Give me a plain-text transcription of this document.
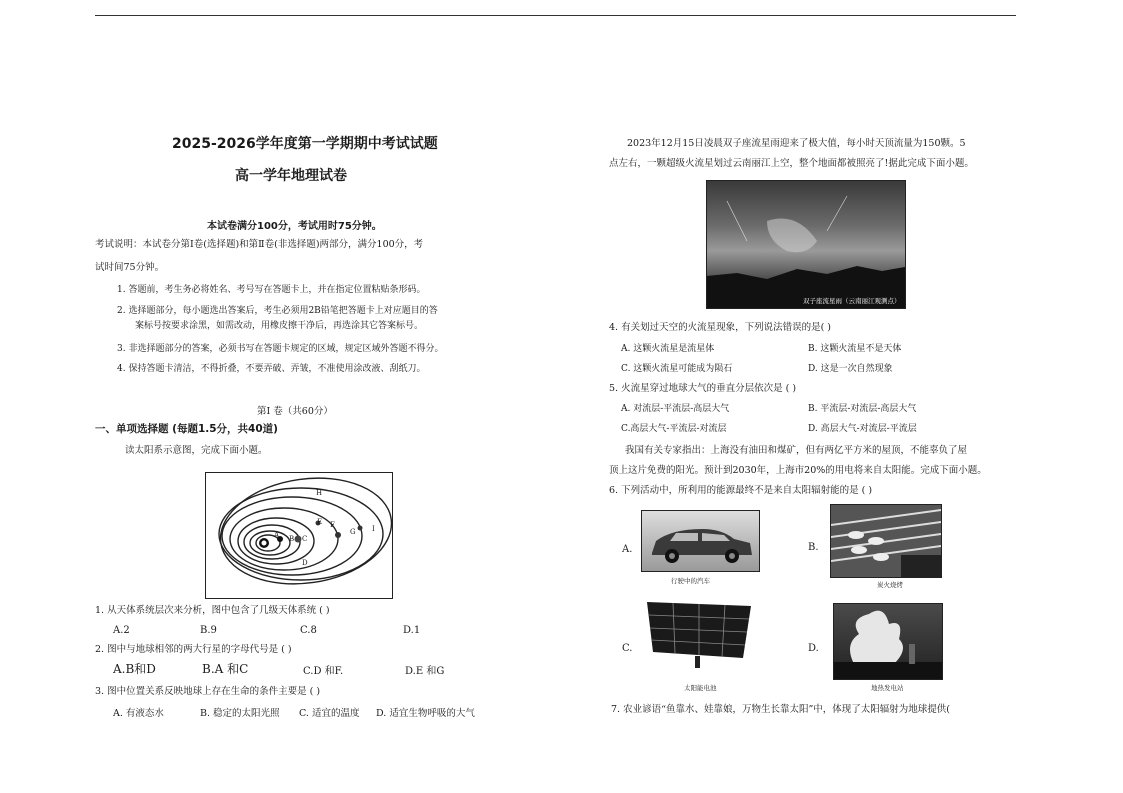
2025-2026学年度第一学期期中考试试题
高一学年地理试卷
本试卷满分100分，考试用时75分钟。
考试说明：本试卷分第Ⅰ卷(选择题)和第Ⅱ卷(非选择题)两部分，满分100分，考
试时间75分钟。
1. 答题前，考生务必将姓名、考号写在答题卡上，并在指定位置粘贴条形码。
2. 选择题部分，每小题选出答案后，考生必须用2B铅笔把答题卡上对应题目的答
案标号按要求涂黑，如需改动，用橡皮擦干净后，再选涂其它答案标号。
3. 非选择题部分的答案，必须书写在答题卡规定的区域，规定区域外答题不得分。
4. 保持答题卡清洁，不得折叠，不要弄破、弄皱，不准使用涂改液、刮纸刀。
第Ⅰ 卷（共60分）
一、单项选择题 (每题1.5分，共40道)
读太阳系示意图，完成下面小题。
H
E
B C
I
A
D
F
G
1. 从天体系统层次来分析，图中包含了几级天体系统 ( )
A.2	B.9	C.8	D.1
2. 图中与地球相邻的两大行星的字母代号是 ( )
A.B和D	B.A 和C	C.D 和F.	D.E 和G
3. 图中位置关系反映地球上存在生命的条件主要是 ( )
A. 有液态水	B. 稳定的太阳光照 C. 适宜的温度 D. 适宜生物呼吸的大气
2023年12月15日凌晨双子座流星雨迎来了极大值，每小时天顶流量为150颗。5
点左右，一颗超级火流星划过云南丽江上空，整个地面都被照亮了!据此完成下面小题。
双子座流星雨（云南丽江观测点）
4. 有关划过天空的火流星现象，下列说法错误的是( )
A. 这颗火流星是流星体	B. 这颗火流星不是天体
C. 这颗火流星可能成为陨石	D. 这是一次自然现象
5. 火流星穿过地球大气的垂直分层依次是 ( )
A. 对流层-平流层-高层大气	B. 平流层-对流层-高层大气
C.高层大气-平流层-对流层	D. 高层大气-对流层-平流层
我国有关专家指出：上海没有油田和煤矿，但有两亿平方米的屋顶，不能辜负了屋
顶上这片免费的阳光。预计到2030年，上海市20%的用电将来自太阳能。完成下面小题。
6. 下列活动中，所利用的能源最终不是来自太阳辐射能的是 ( )
A.
行驶中的汽车
B.
炭火烧烤
C.
太阳能电池
D.
地热发电站
7. 农业谚语“鱼靠水、娃靠娘，万物生长靠太阳”中，体现了太阳辐射为地球提供(
